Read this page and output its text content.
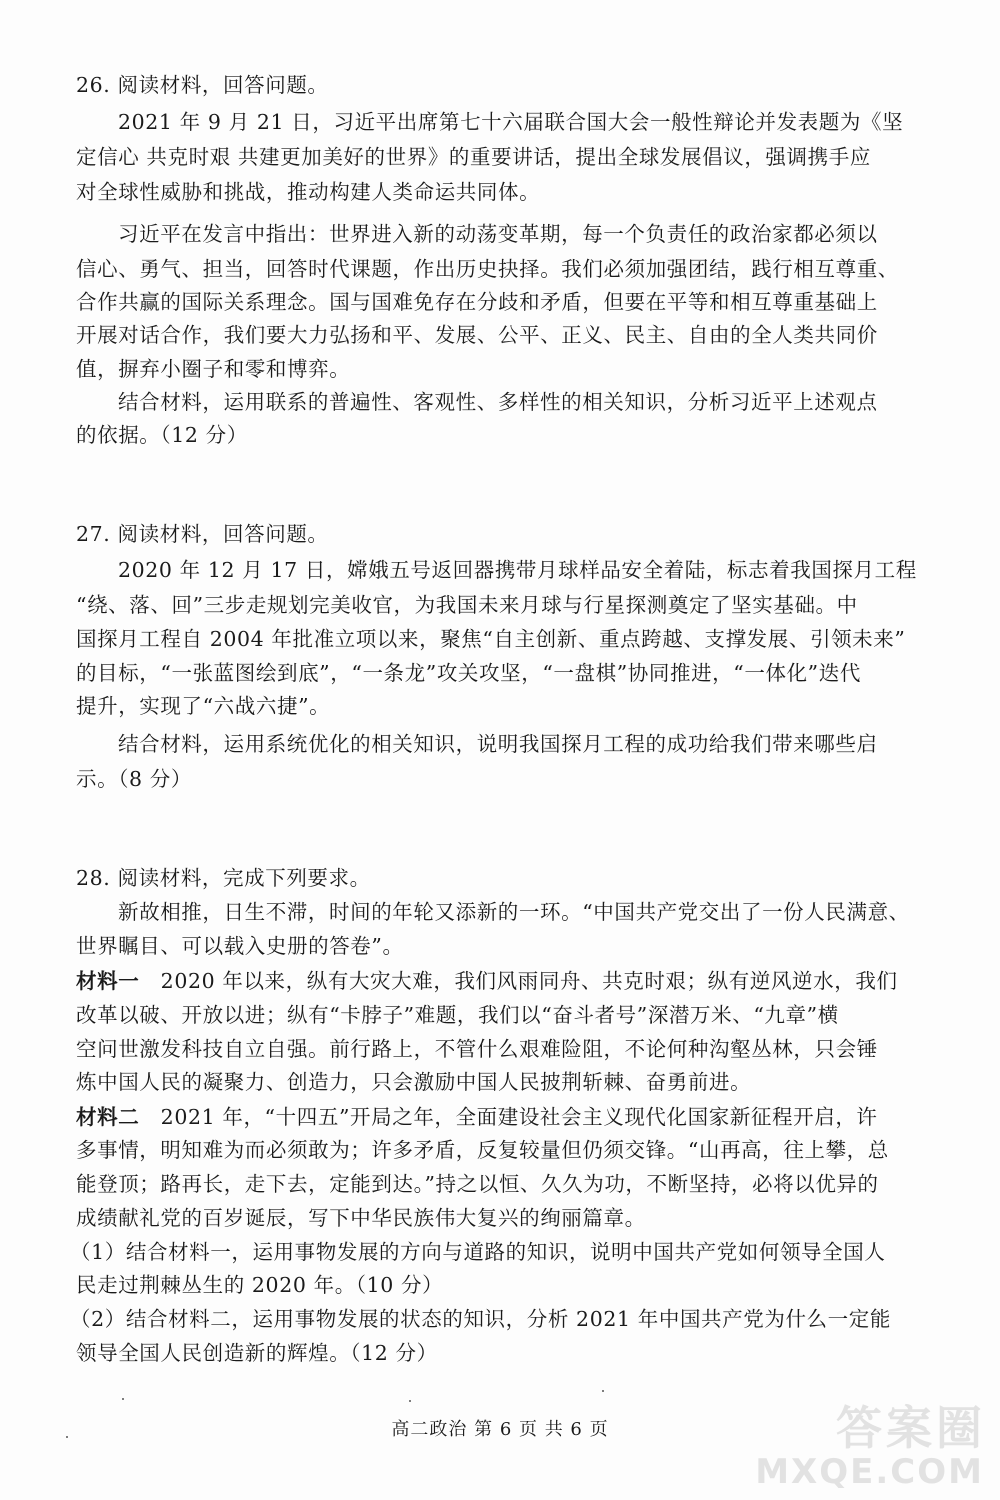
26. 阅读材料，回答问题。
2021 年 9 月 21 日，习近平出席第七十六届联合国大会一般性辩论并发表题为《坚
定信心 共克时艰 共建更加美好的世界》的重要讲话，提出全球发展倡议，强调携手应
对全球性威胁和挑战，推动构建人类命运共同体。
习近平在发言中指出：世界进入新的动荡变革期，每一个负责任的政治家都必须以
信心、勇气、担当，回答时代课题，作出历史抉择。我们必须加强团结，践行相互尊重、
合作共赢的国际关系理念。国与国难免存在分歧和矛盾，但要在平等和相互尊重基础上
开展对话合作，我们要大力弘扬和平、发展、公平、正义、民主、自由的全人类共同价
值，摒弃小圈子和零和博弈。
结合材料，运用联系的普遍性、客观性、多样性的相关知识，分析习近平上述观点
的依据。（12 分）
27. 阅读材料，回答问题。
2020 年 12 月 17 日，嫦娥五号返回器携带月球样品安全着陆，标志着我国探月工程
“绕、落、回”三步走规划完美收官，为我国未来月球与行星探测奠定了坚实基础。中
国探月工程自 2004 年批准立项以来，聚焦“自主创新、重点跨越、支撑发展、引领未来”
的目标，“一张蓝图绘到底”，“一条龙”攻关攻坚，“一盘棋”协同推进，“一体化”迭代
提升，实现了“六战六捷”。
结合材料，运用系统优化的相关知识，说明我国探月工程的成功给我们带来哪些启
示。（8 分）
28. 阅读材料，完成下列要求。
新故相推，日生不滞，时间的年轮又添新的一环。“中国共产党交出了一份人民满意、
世界瞩目、可以载入史册的答卷”。
材料一 2020 年以来，纵有大灾大难，我们风雨同舟、共克时艰；纵有逆风逆水，我们
改革以破、开放以进；纵有“卡脖子”难题，我们以“奋斗者号”深潜万米、“九章”横
空问世激发科技自立自强。前行路上，不管什么艰难险阻，不论何种沟壑丛林，只会锤
炼中国人民的凝聚力、创造力，只会激励中国人民披荆斩棘、奋勇前进。
材料二 2021 年，“十四五”开局之年，全面建设社会主义现代化国家新征程开启，许
多事情，明知难为而必须敢为；许多矛盾，反复较量但仍须交锋。“山再高，往上攀，总
能登顶；路再长，走下去，定能到达。”持之以恒、久久为功，不断坚持，必将以优异的
成绩献礼党的百岁诞辰，写下中华民族伟大复兴的绚丽篇章。
（1）结合材料一，运用事物发展的方向与道路的知识，说明中国共产党如何领导全国人
民走过荆棘丛生的 2020 年。（10 分）
（2）结合材料二，运用事物发展的状态的知识，分析 2021 年中国共产党为什么一定能
领导全国人民创造新的辉煌。（12 分）
高二政治 第 6 页 共 6 页	答案圈
MXQE.COM
